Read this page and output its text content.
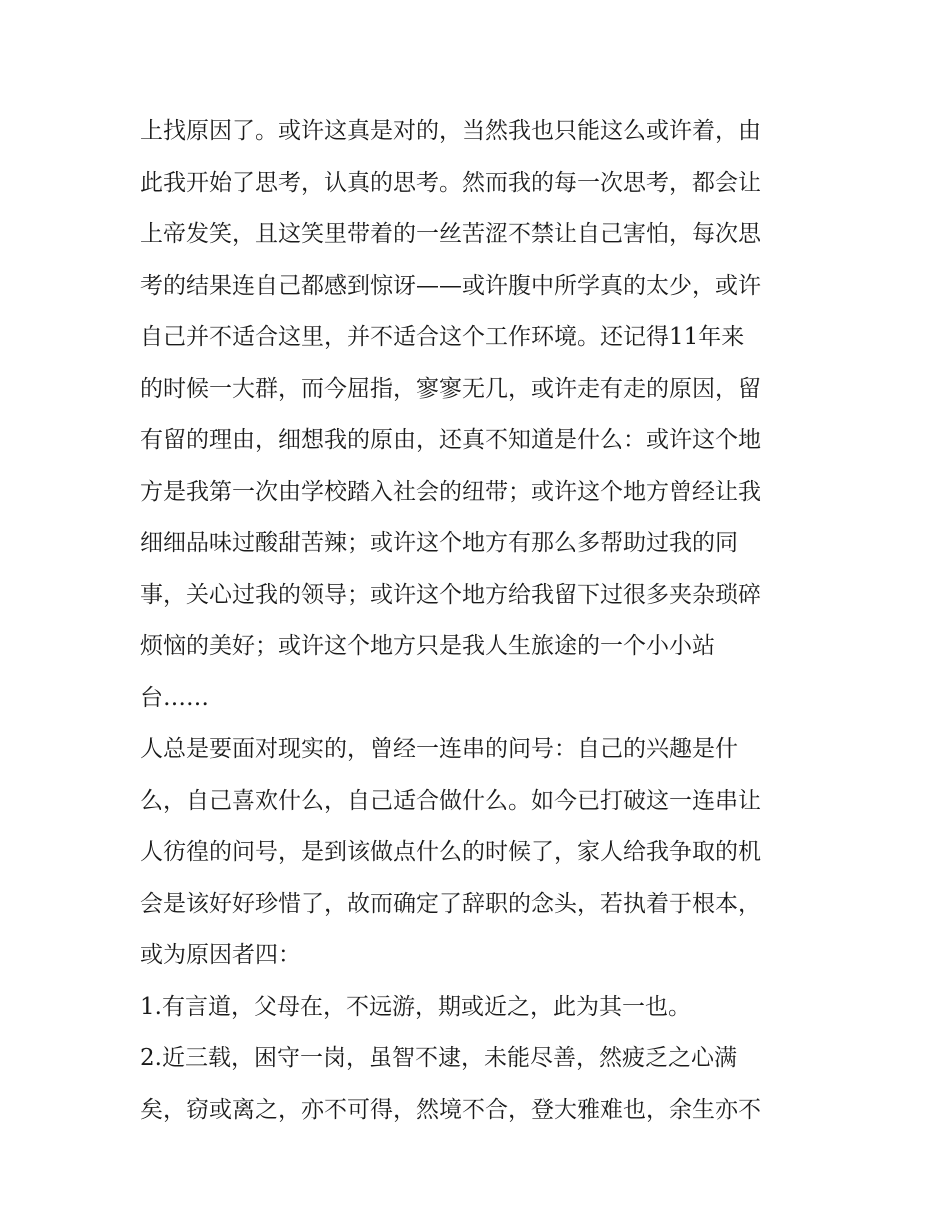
上找原因了。或许这真是对的，当然我也只能这么或许着，由
此我开始了思考，认真的思考。然而我的每一次思考，都会让
上帝发笑，且这笑里带着的一丝苦涩不禁让自己害怕，每次思
考的结果连自己都感到惊讶——或许腹中所学真的太少，或许
自己并不适合这里，并不适合这个工作环境。还记得11年来
的时候一大群，而今屈指，寥寥无几，或许走有走的原因，留
有留的理由，细想我的原由，还真不知道是什么：或许这个地
方是我第一次由学校踏入社会的纽带；或许这个地方曾经让我
细细品味过酸甜苦辣；或许这个地方有那么多帮助过我的同
事，关心过我的领导；或许这个地方给我留下过很多夹杂琐碎
烦恼的美好；或许这个地方只是我人生旅途的一个小小站
台……
人总是要面对现实的，曾经一连串的问号：自己的兴趣是什
么，自己喜欢什么，自己适合做什么。如今已打破这一连串让
人彷徨的问号，是到该做点什么的时候了，家人给我争取的机
会是该好好珍惜了，故而确定了辞职的念头，若执着于根本，
或为原因者四：
1.有言道，父母在，不远游，期或近之，此为其一也。
2.近三载，困守一岗，虽智不逮，未能尽善，然疲乏之心满
矣，窃或离之，亦不可得，然境不合，登大雅难也，余生亦不
